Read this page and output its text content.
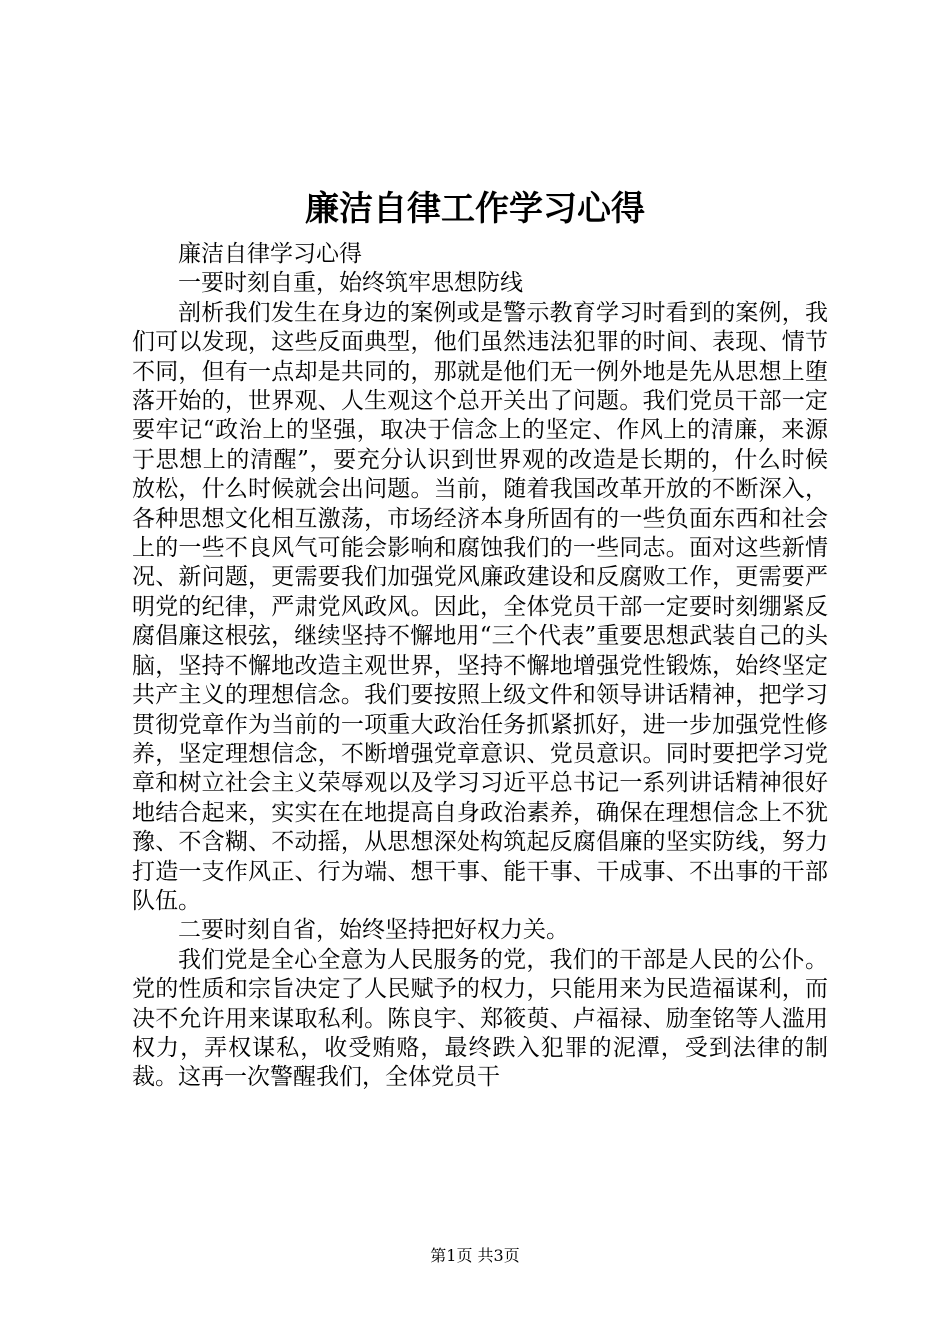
廉洁自律工作学习心得

廉洁自律学习心得

一要时刻自重，始终筑牢思想防线

剖析我们发生在身边的案例或是警示教育学习时看到的案例，我们可以发现，这些反面典型，他们虽然违法犯罪的时间、表现、情节不同，但有一点却是共同的，那就是他们无一例外地是先从思想上堕落开始的，世界观、人生观这个总开关出了问题。我们党员干部一定要牢记“政治上的坚强，取决于信念上的坚定、作风上的清廉，来源于思想上的清醒”，要充分认识到世界观的改造是长期的，什么时候放松，什么时候就会出问题。当前，随着我国改革开放的不断深入，各种思想文化相互激荡，市场经济本身所固有的一些负面东西和社会上的一些不良风气可能会影响和腐蚀我们的一些同志。面对这些新情况、新问题，更需要我们加强党风廉政建设和反腐败工作，更需要严明党的纪律，严肃党风政风。因此，全体党员干部一定要时刻绷紧反腐倡廉这根弦，继续坚持不懈地用“三个代表”重要思想武装自己的头脑，坚持不懈地改造主观世界，坚持不懈地增强党性锻炼，始终坚定共产主义的理想信念。我们要按照上级文件和领导讲话精神，把学习贯彻党章作为当前的一项重大政治任务抓紧抓好，进一步加强党性修养，坚定理想信念，不断增强党章意识、党员意识。同时要把学习党章和树立社会主义荣辱观以及学习习近平总书记一系列讲话精神很好地结合起来，实实在在地提高自身政治素养，确保在理想信念上不犹豫、不含糊、不动摇，从思想深处构筑起反腐倡廉的坚实防线，努力打造一支作风正、行为端、想干事、能干事、干成事、不出事的干部队伍。

二要时刻自省，始终坚持把好权力关。

我们党是全心全意为人民服务的党，我们的干部是人民的公仆。党的性质和宗旨决定了人民赋予的权力，只能用来为民造福谋利，而决不允许用来谋取私利。陈良宇、郑筱萸、卢福禄、励奎铭等人滥用权力，弄权谋私，收受贿赂，最终跌入犯罪的泥潭，受到法律的制裁。这再一次警醒我们，全体党员干

第1页 共3页
